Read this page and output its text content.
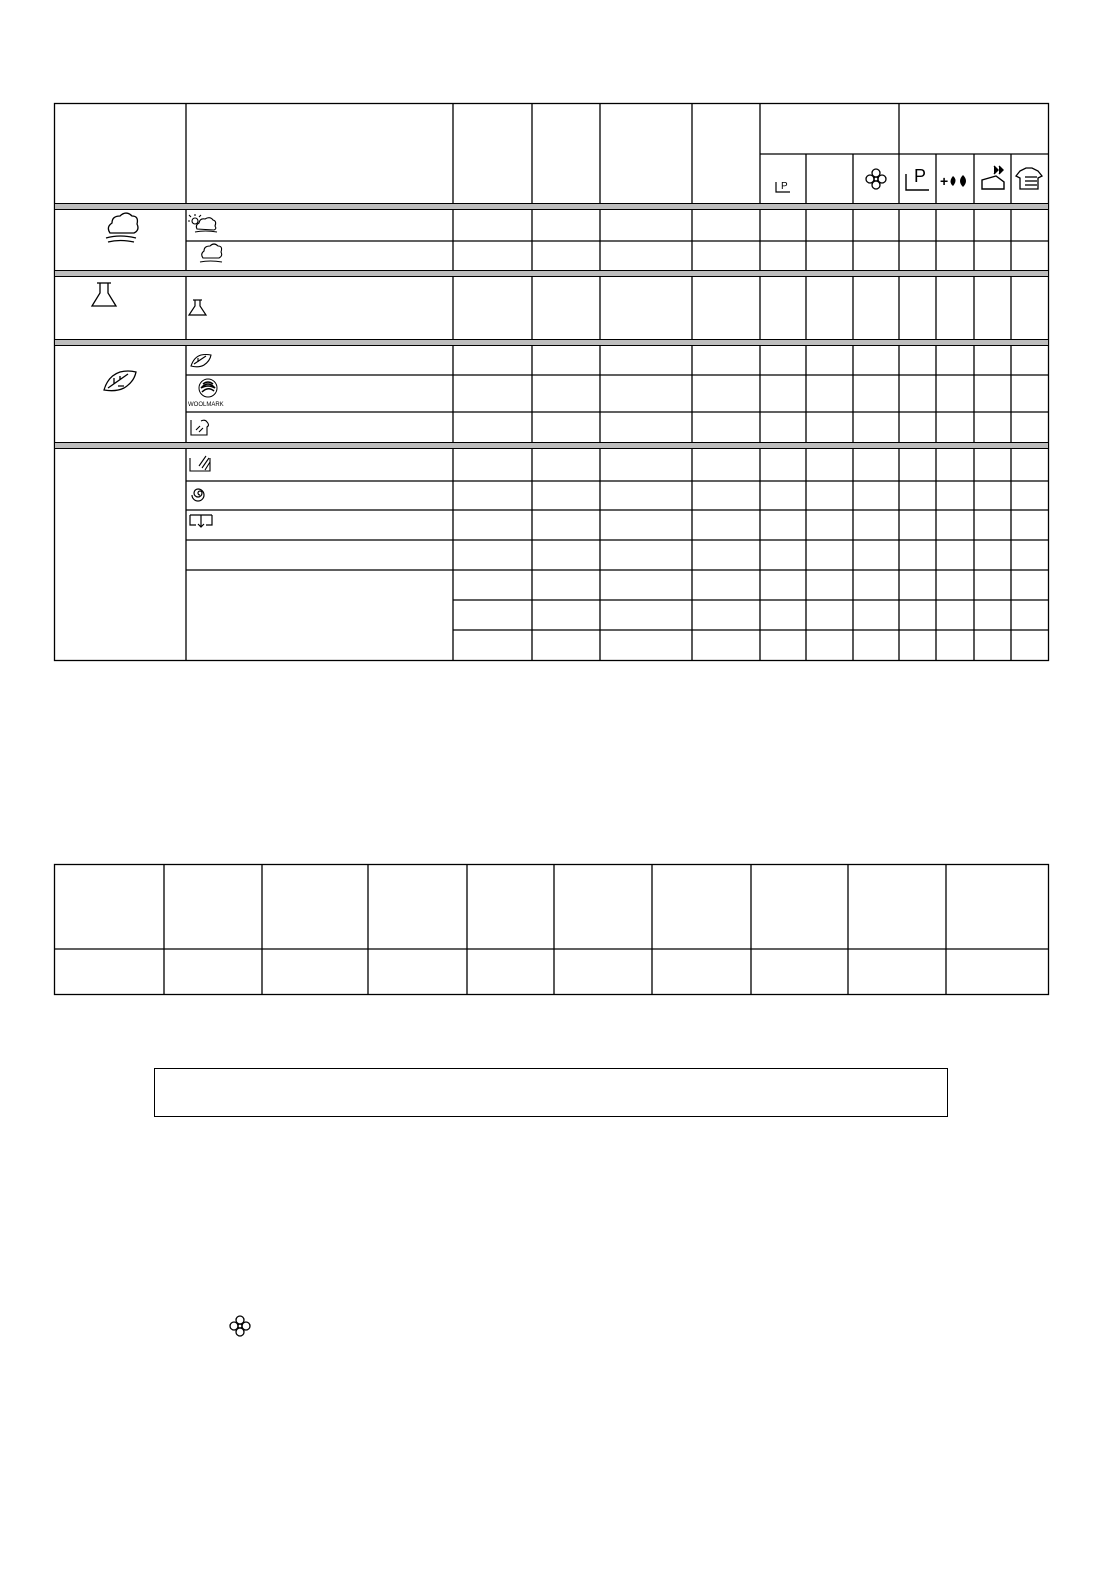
P
P +
WOOLMARK
